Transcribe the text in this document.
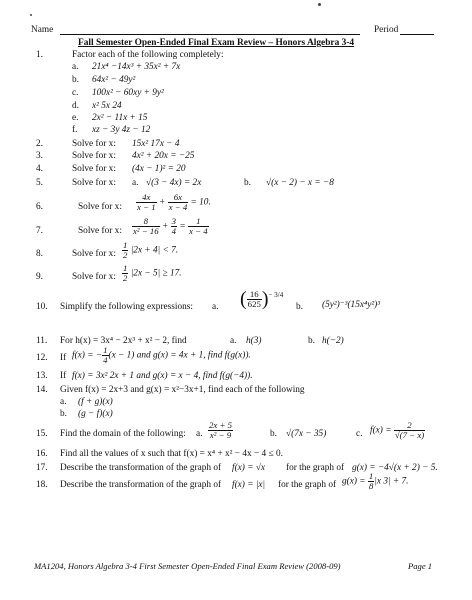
Name	Period
Fall Semester Open-Ended Final Exam Review – Honors Algebra 3-4
1.	Factor each of the following completely:
a. 21x⁴ −14x³ + 35x² + 7x
b. 64x² − 49y²
c. 100x² − 60xy + 9y²
d. x² 5x 24
e. 2x² − 11x + 15
f. xz − 3y 4z − 12
2.	Solve for x: 15x² 17x − 4
3.	Solve for x: 4x² + 20x = −25
4.	Solve for x: (4x − 1)² = 20
5.	Solve for x: a. √(3 − 4x) = 2x	b. √(x − 2) − x = −8
6.	Solve for x: $\frac{4x}{x - 1} + \frac{6x}{x - 4} = 10$.
7.	Solve for x: $\frac{8}{\text{x² − 16}} + \frac{3}{4} = \frac{1}{x - 4}$
8.	Solve for x: $\frac{1}{2} |2x + 4| < 7$.
9.	Solve for x: $\frac{1}{2} |2x - 5| \ge 17$.
10. Simplify the following expressions: a. ( $\frac{16}{625} )^{- 3/4}$
b. (5y²)⁻³(15x⁴y²)³
11. For h(x) = 3x⁴ − 2x³ + x² − 2, find	a. h(3)	b. h(−2)
12. If f(x) = − $\frac{1}{4} (x - 1)$ and g(x) = 4x + 1, find f(g(x)).
13. If f(x) = 3x² 2x + 1 and g(x) = x − 4, find f(g(−4)).
14. Given f(x) = 2x+3 and g(x) = x²−3x+1, find each of the following
a. (f + g)(x)
b. (g − f)(x)
15. Find the domain of the following: a. $\frac{2x + 5}{\text{x² − 9}}$	b. √(7x − 35)	c. $f(x) = \frac{2}{√(7 - x)}$
16. Find all the values of x such that f(x) = x⁴ + x² − 4x − 4 ≤ 0.
17. Describe the transformation of the graph of f(x) = √x for the graph of g(x) = −4√(x + 2) − 5.
18. Describe the transformation of the graph of f(x) = |x| for the graph of $g(x) = \frac{1}{8} |x$ 3| + 7.
MA1204, Honors Algebra 3-4 First Semester Open-Ended Final Exam Review (2008-09)	Page 1
